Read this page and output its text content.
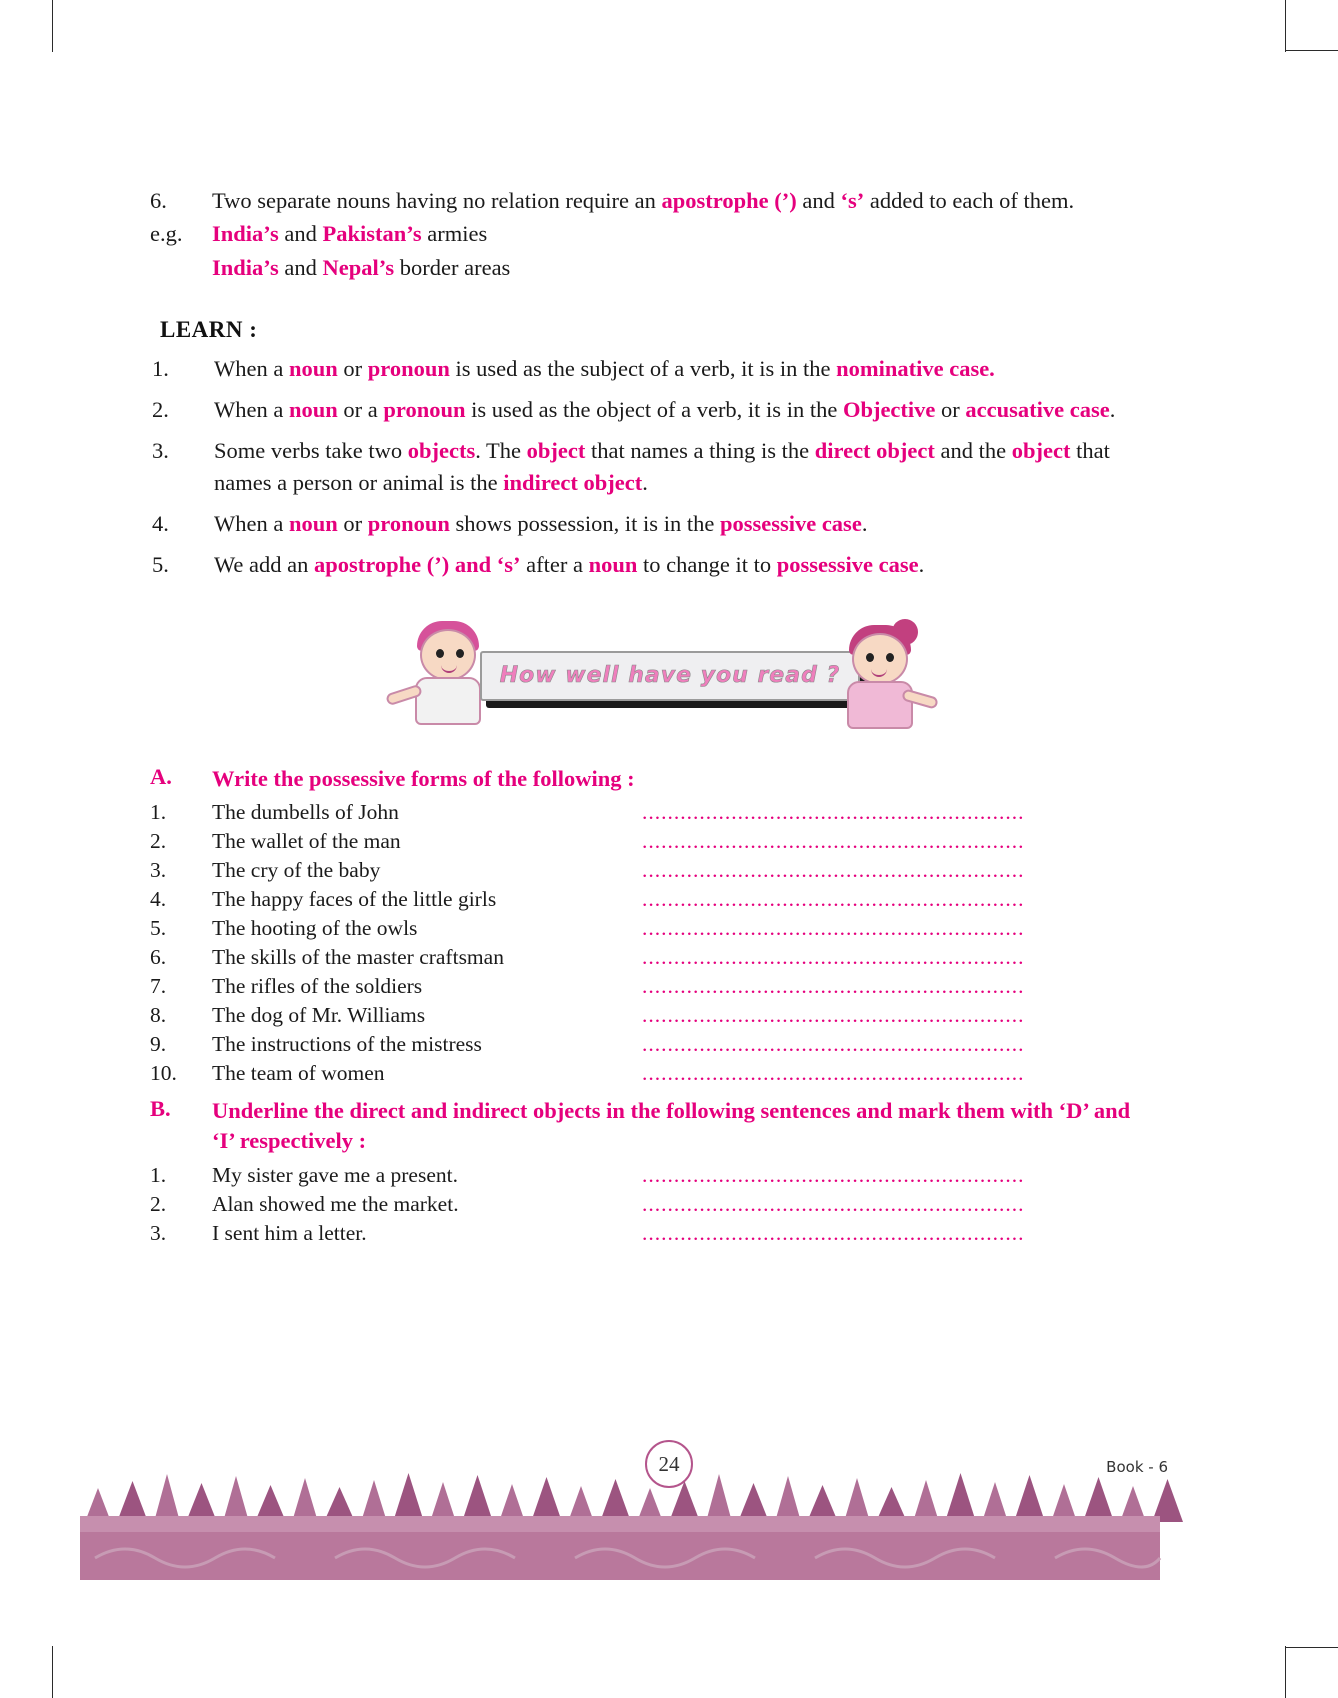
6.	Two separate nouns having no relation require an apostrophe (’) and ‘s’ added to each of them.
e.g.	India’s and Pakistan’s armies
India’s and Nepal’s border areas
LEARN :
1.	When a noun or pronoun is used as the subject of a verb, it is in the nominative case.
2.	When a noun or a pronoun is used as the object of a verb, it is in the Objective or accusative case.
3.	Some verbs take two objects. The object that names a thing is the direct object and the object that names a person or animal is the indirect object.
4.	When a noun or pronoun shows possession, it is in the possessive case.
5.	We add an apostrophe (’) and ‘s’ after a noun to change it to possessive case.
How well have you read ?
A.	Write the possessive forms of the following :
1.	The dumbells of John	............................................................
2.	The wallet of the man	............................................................
3.	The cry of the baby	............................................................
4.	The happy faces of the little girls	............................................................
5.	The hooting of the owls	............................................................
6.	The skills of the master craftsman	............................................................
7.	The rifles of the soldiers	............................................................
8.	The dog of Mr. Williams	............................................................
9.	The instructions of the mistress	............................................................
10.	The team of women	............................................................
B.	Underline the direct and indirect objects in the following sentences and mark them with ‘D’ and ‘I’ respectively :
1.	My sister gave me a present.	............................................................
2.	Alan showed me the market.	............................................................
3.	I sent him a letter.	............................................................
24	Book - 6
